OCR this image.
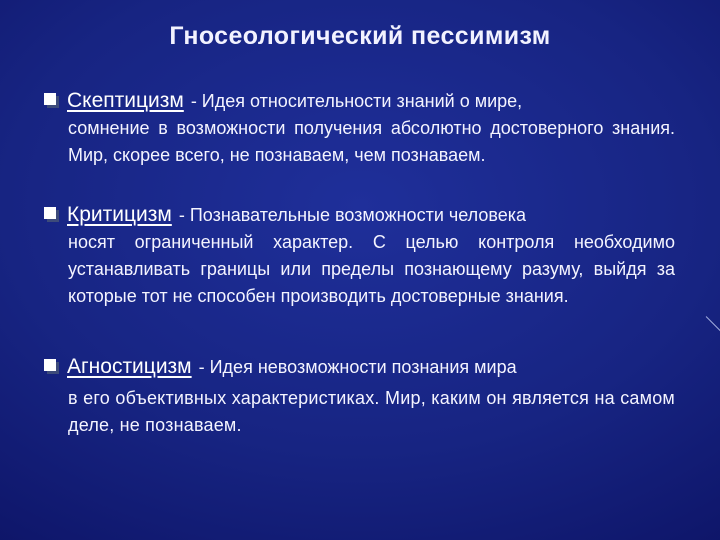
Гносеологический пессимизм
Скептицизм - Идея относительности знаний о мире,
сомнение в возможности получения абсолютно достоверного знания. Мир, скорее всего, не познаваем, чем познаваем.
Критицизм - Познавательные возможности человека
носят ограниченный характер. С целью контроля необходимо устанавливать границы или пределы познающему разуму, выйдя за которые тот не способен производить достоверные знания.
Агностицизм - Идея невозможности познания мира
в его объективных характеристиках. Мир, каким он является на самом деле, не познаваем.
